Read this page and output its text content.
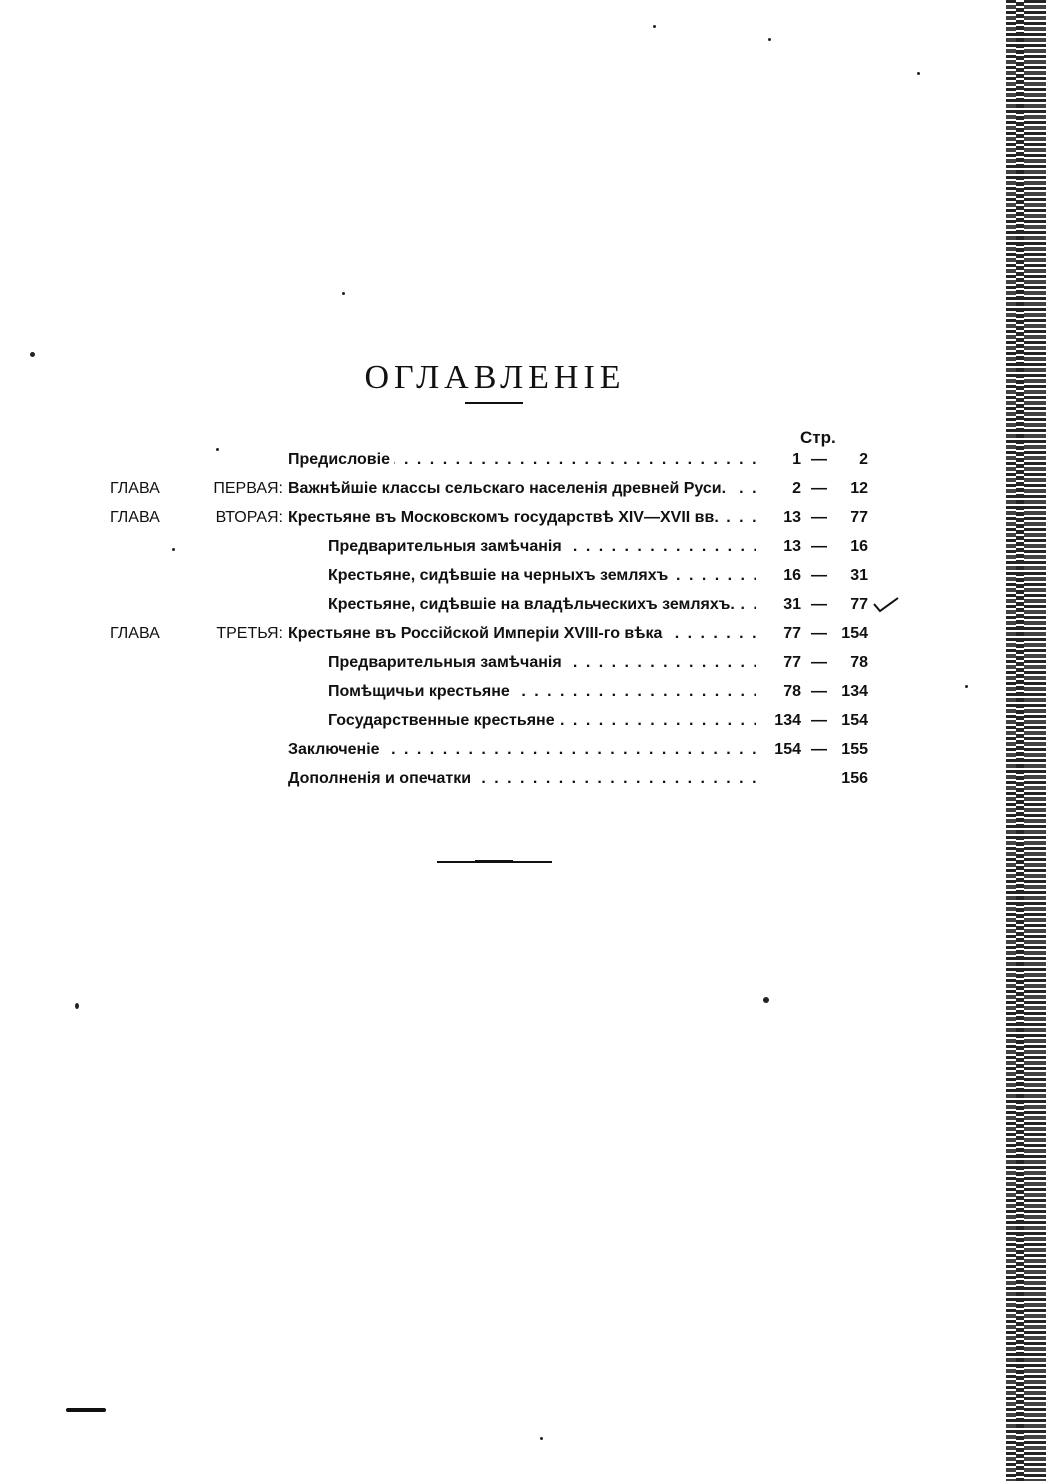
ОГЛАВЛЕНIЕ
Стр.
Предисловіе . . .	1 —	2
ГЛАВА	ПЕРВАЯ: Важнѣйшіе классы сельскаго населенія древней Руси. . . .	2 —	12
ГЛАВА	ВТОРАЯ: Крестьяне въ Московскомъ государствѣ XIV—XVII вв. . . .	13 —	77
Предварительныя замѣчанія . . .	13 —	16
Крестьяне, сидѣвшіе на черныхъ земляхъ . . .	16 —	31
Крестьяне, сидѣвшіе на владѣльческихъ земляхъ. . . .	31 —	77
ГЛАВА	ТРЕТЬЯ: Крестьяне въ Россійской Имперіи XVIII-го вѣка . . .	77 — 154
Предварительныя замѣчанія . . .	77 —	78
Помѣщичьи крестьяне . . .	78 — 134
Государственные крестьяне . . .	134 — 154
Заключеніе . . .	154 — 155
Дополненія и опечатки . . .	156
